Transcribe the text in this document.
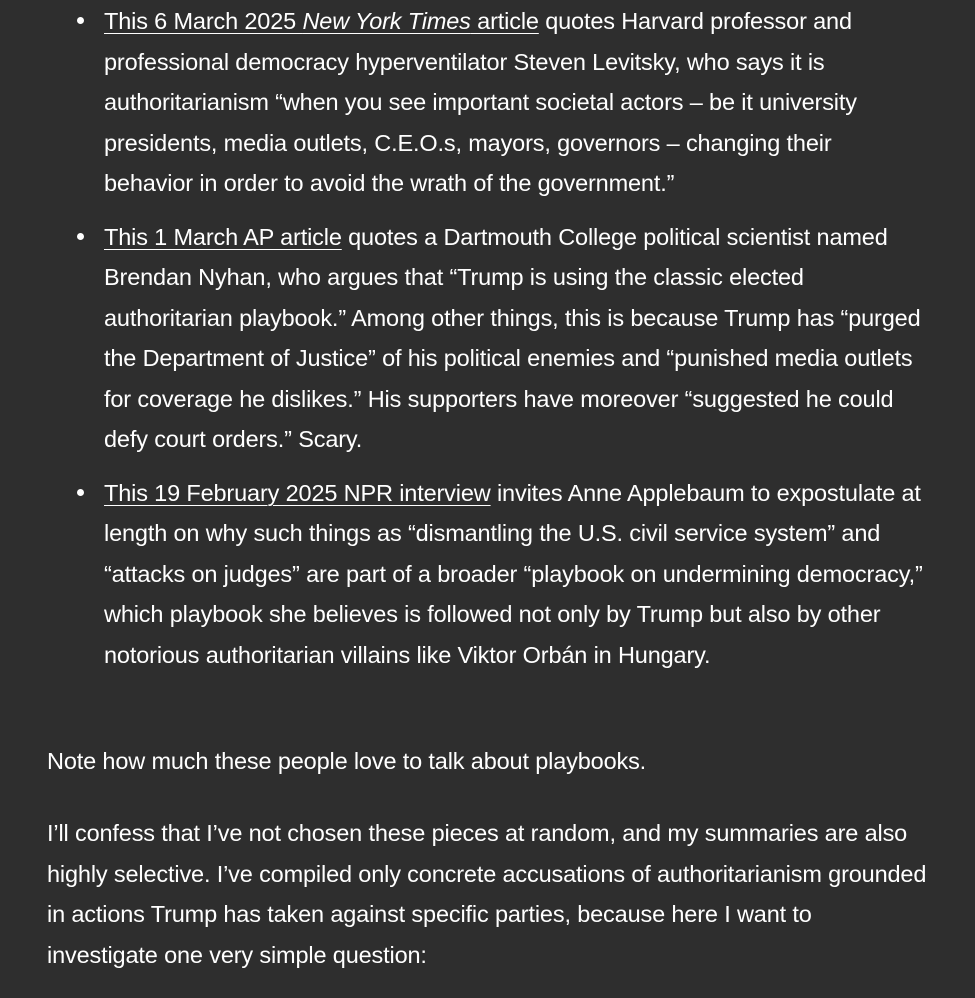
This 6 March 2025 New York Times article quotes Harvard professor and professional democracy hyperventilator Steven Levitsky, who says it is authoritarianism “when you see important societal actors – be it university presidents, media outlets, C.E.O.s, mayors, governors – changing their behavior in order to avoid the wrath of the government.”
This 1 March AP article quotes a Dartmouth College political scientist named Brendan Nyhan, who argues that “Trump is using the classic elected authoritarian playbook.” Among other things, this is because Trump has “purged the Department of Justice” of his political enemies and “punished media outlets for coverage he dislikes.” His supporters have moreover “suggested he could defy court orders.” Scary.
This 19 February 2025 NPR interview invites Anne Applebaum to expostulate at length on why such things as “dismantling the U.S. civil service system” and “attacks on judges” are part of a broader “playbook on undermining democracy,” which playbook she believes is followed not only by Trump but also by other notorious authoritarian villains like Viktor Orbán in Hungary.

Note how much these people love to talk about playbooks.

I’ll confess that I’ve not chosen these pieces at random, and my summaries are also highly selective. I’ve compiled only concrete accusations of authoritarianism grounded in actions Trump has taken against specific parties, because here I want to investigate one very simple question:
